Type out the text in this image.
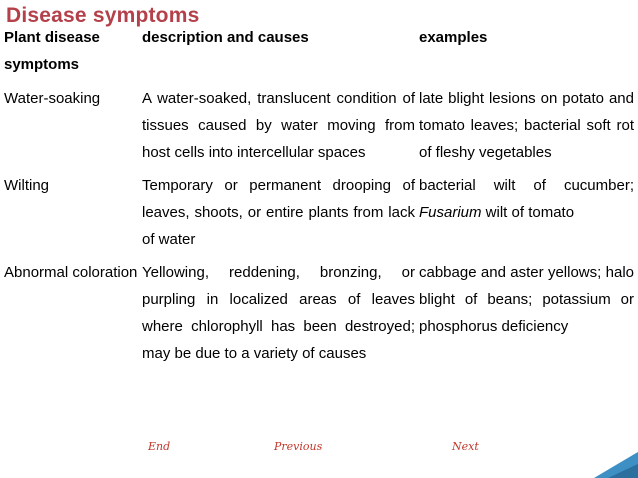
Disease symptoms
Plant disease symptoms	description and causes	examples
Water-soaking	A water-soaked, translucent condition of tissues caused by water moving from host cells into intercellular spaces	late blight lesions on potato and tomato leaves; bacterial soft rot of fleshy vegetables
Wilting	Temporary or permanent drooping of leaves, shoots, or entire plants from lack of water	bacterial wilt of cucumber; Fusarium wilt of tomato
Abnormal coloration	Yellowing, reddening, bronzing, or purpling in localized areas of leaves where chlorophyll has been destroyed; may be due to a variety of causes	cabbage and aster yellows; halo blight of beans; potassium or phosphorus deficiency
End	Previous	Next
